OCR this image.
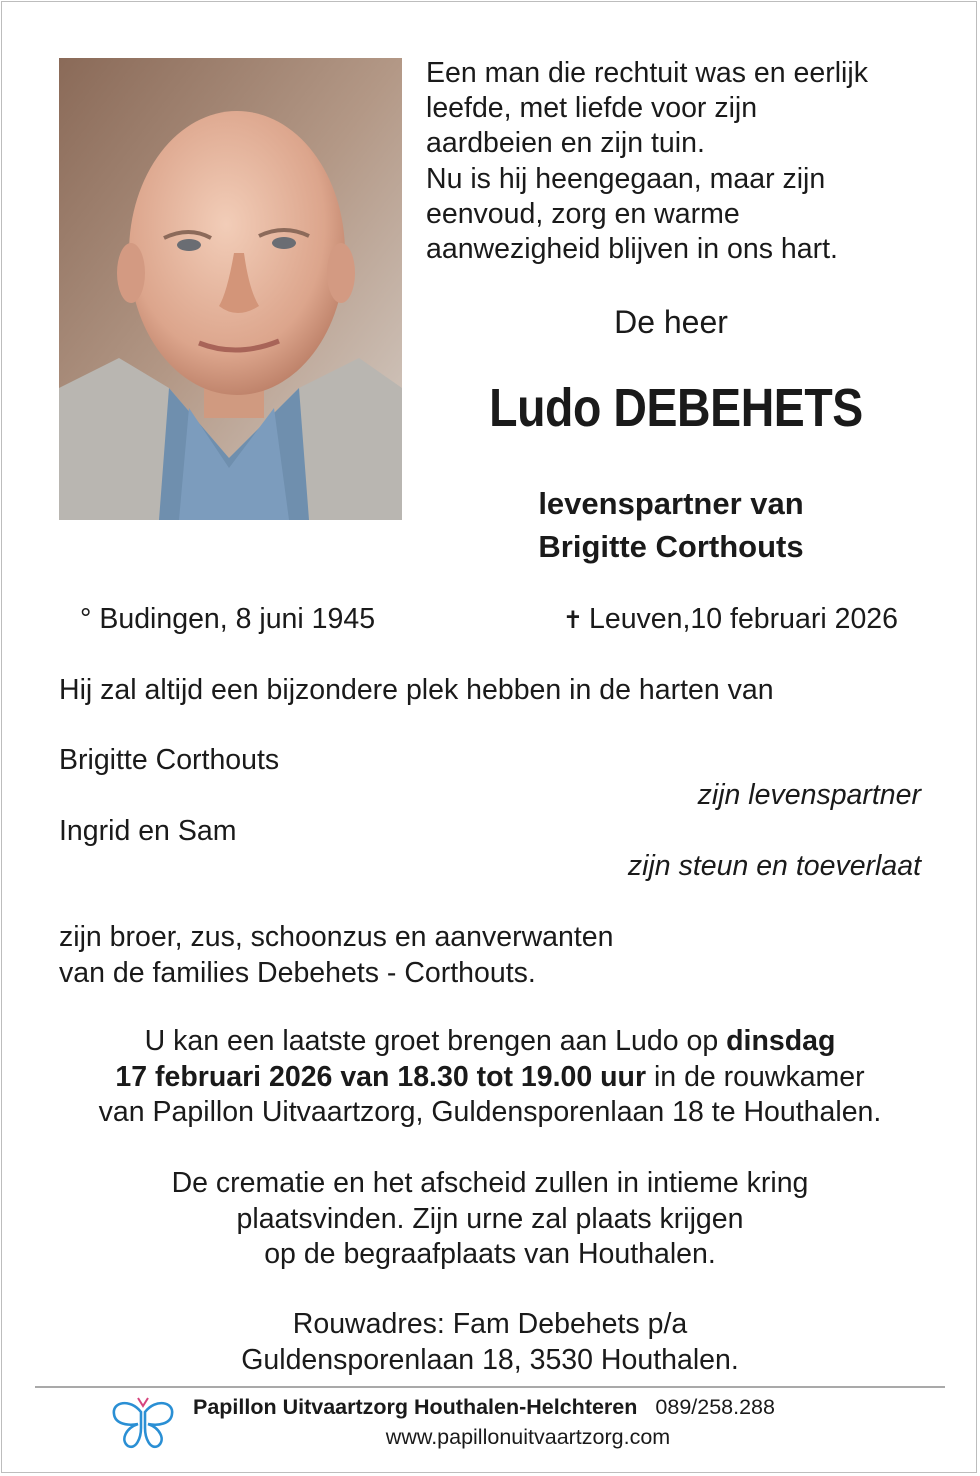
Een man die rechtuit was en eerlijk
leefde, met liefde voor zijn
aardbeien en zijn tuin.
Nu is hij heengegaan, maar zijn
eenvoud, zorg en warme
aanwezigheid blijven in ons hart.
De heer
Ludo DEBEHETS
levenspartner van
Brigitte Corthouts
° Budingen, 8 juni 1945	✝ Leuven,10 februari 2026
Hij zal altijd een bijzondere plek hebben in de harten van
Brigitte Corthouts
zijn levenspartner
Ingrid en Sam
zijn steun en toeverlaat
zijn broer, zus, schoonzus en aanverwanten
van de families Debehets - Corthouts.
U kan een laatste groet brengen aan Ludo op dinsdag
17 februari 2026 van 18.30 tot 19.00 uur in de rouwkamer
van Papillon Uitvaartzorg, Guldensporenlaan 18 te Houthalen.
De crematie en het afscheid zullen in intieme kring
plaatsvinden. Zijn urne zal plaats krijgen
op de begraafplaats van Houthalen.
Rouwadres: Fam Debehets p/a
Guldensporenlaan 18, 3530 Houthalen.
Papillon Uitvaartzorg Houthalen-Helchteren 089/258.288
www.papillonuitvaartzorg.com
